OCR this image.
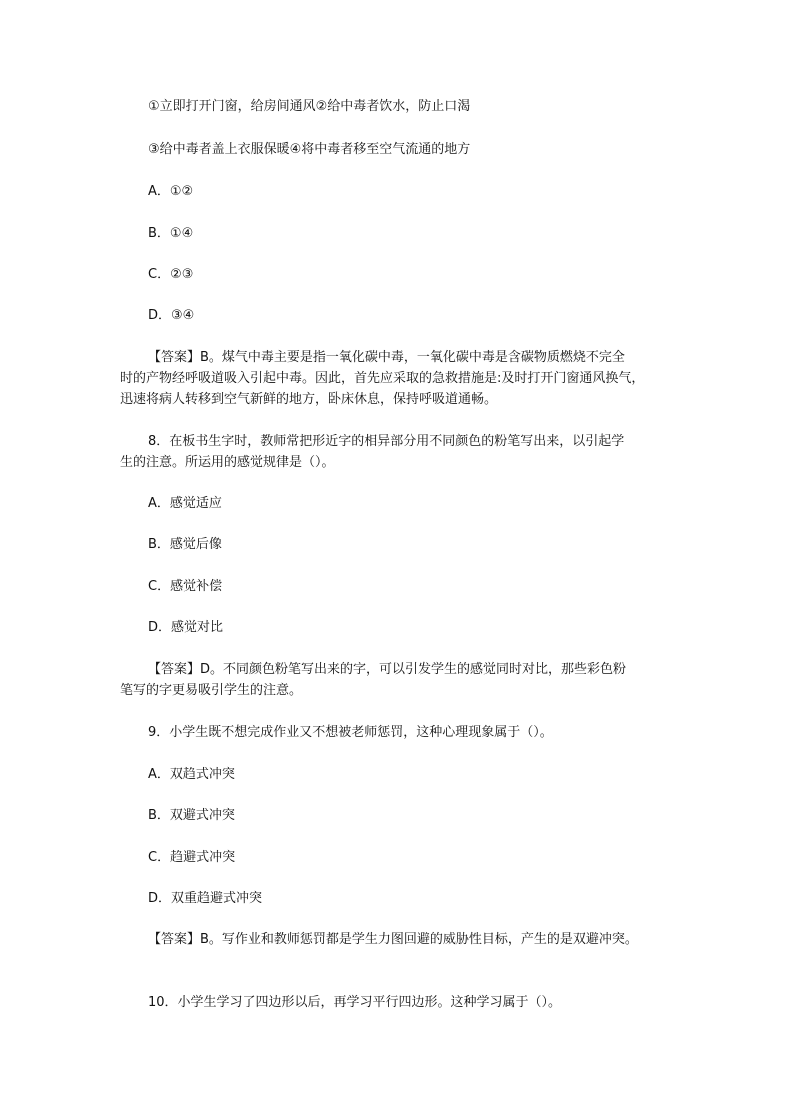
①立即打开门窗，给房间通风②给中毒者饮水，防止口渴

③给中毒者盖上衣服保暖④将中毒者移至空气流通的地方

A．①②

B．①④

C．②③

D．③④

【答案】B。煤气中毒主要是指一氧化碳中毒，一氧化碳中毒是含碳物质燃烧不完全

时的产物经呼吸道吸入引起中毒。因此，首先应采取的急救措施是:及时打开门窗通风换气，

迅速将病人转移到空气新鲜的地方，卧床休息，保持呼吸道通畅。

8．在板书生字时，教师常把形近字的相异部分用不同颜色的粉笔写出来，以引起学

生的注意。所运用的感觉规律是（）。

A．感觉适应

B．感觉后像

C．感觉补偿

D．感觉对比

【答案】D。不同颜色粉笔写出来的字，可以引发学生的感觉同时对比，那些彩色粉

笔写的字更易吸引学生的注意。

9．小学生既不想完成作业又不想被老师惩罚，这种心理现象属于（）。

A．双趋式冲突

B．双避式冲突

C．趋避式冲突

D．双重趋避式冲突

【答案】B。写作业和教师惩罚都是学生力图回避的威胁性目标，产生的是双避冲突。

10．小学生学习了四边形以后，再学习平行四边形。这种学习属于（）。
